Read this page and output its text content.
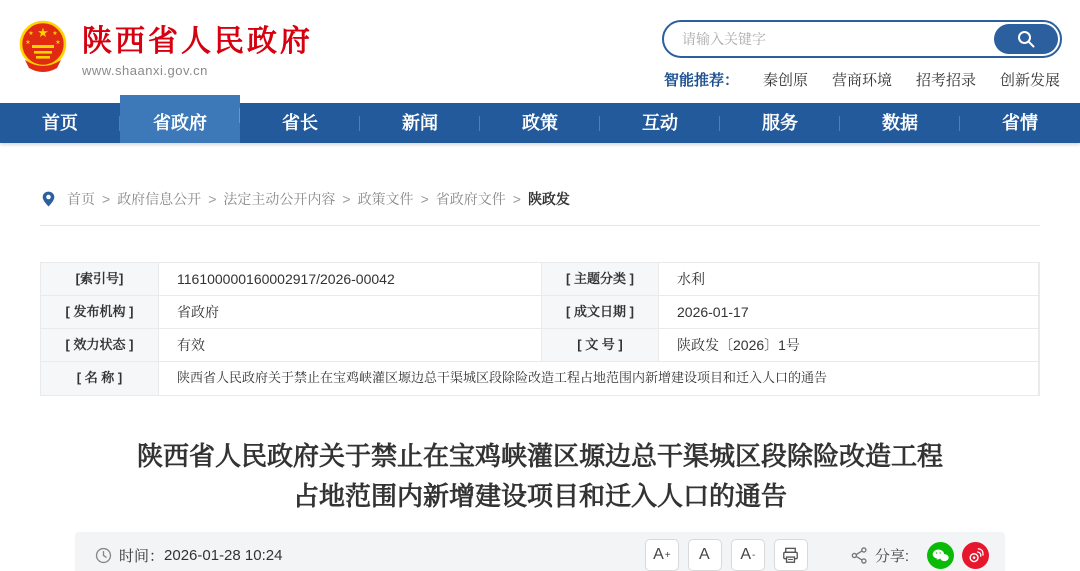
★
★	★
★	★ 陕西省人民政府
www.shaanxi.gov.cn
请输入关键字
智能推荐： 秦创原 营商环境 招考招录 创新发展
首页	省政府	省长	新闻	政策	互动	服务	数据	省情
首页 > 政府信息公开 > 法定主动公开内容 > 政策文件 > 省政府文件 > 陕政发
[索引号]	116100000160002917/2026-00042	[ 主题分类 ]	水利
[ 发布机构 ]	省政府	[ 成文日期 ]	2026-01-17
[ 效力状态 ]	有效	[ 文 号 ]	陕政发〔2026〕1号
[ 名 称 ]	陕西省人民政府关于禁止在宝鸡峡灌区塬边总干渠城区段除险改造工程占地范围内新增建设项目和迁入人口的通告
陕西省人民政府关于禁止在宝鸡峡灌区塬边总干渠城区段除险改造工程占地范围内新增建设项目和迁入人口的通告
时间： 2026-01-28 10:24	A + A A -	分享:
